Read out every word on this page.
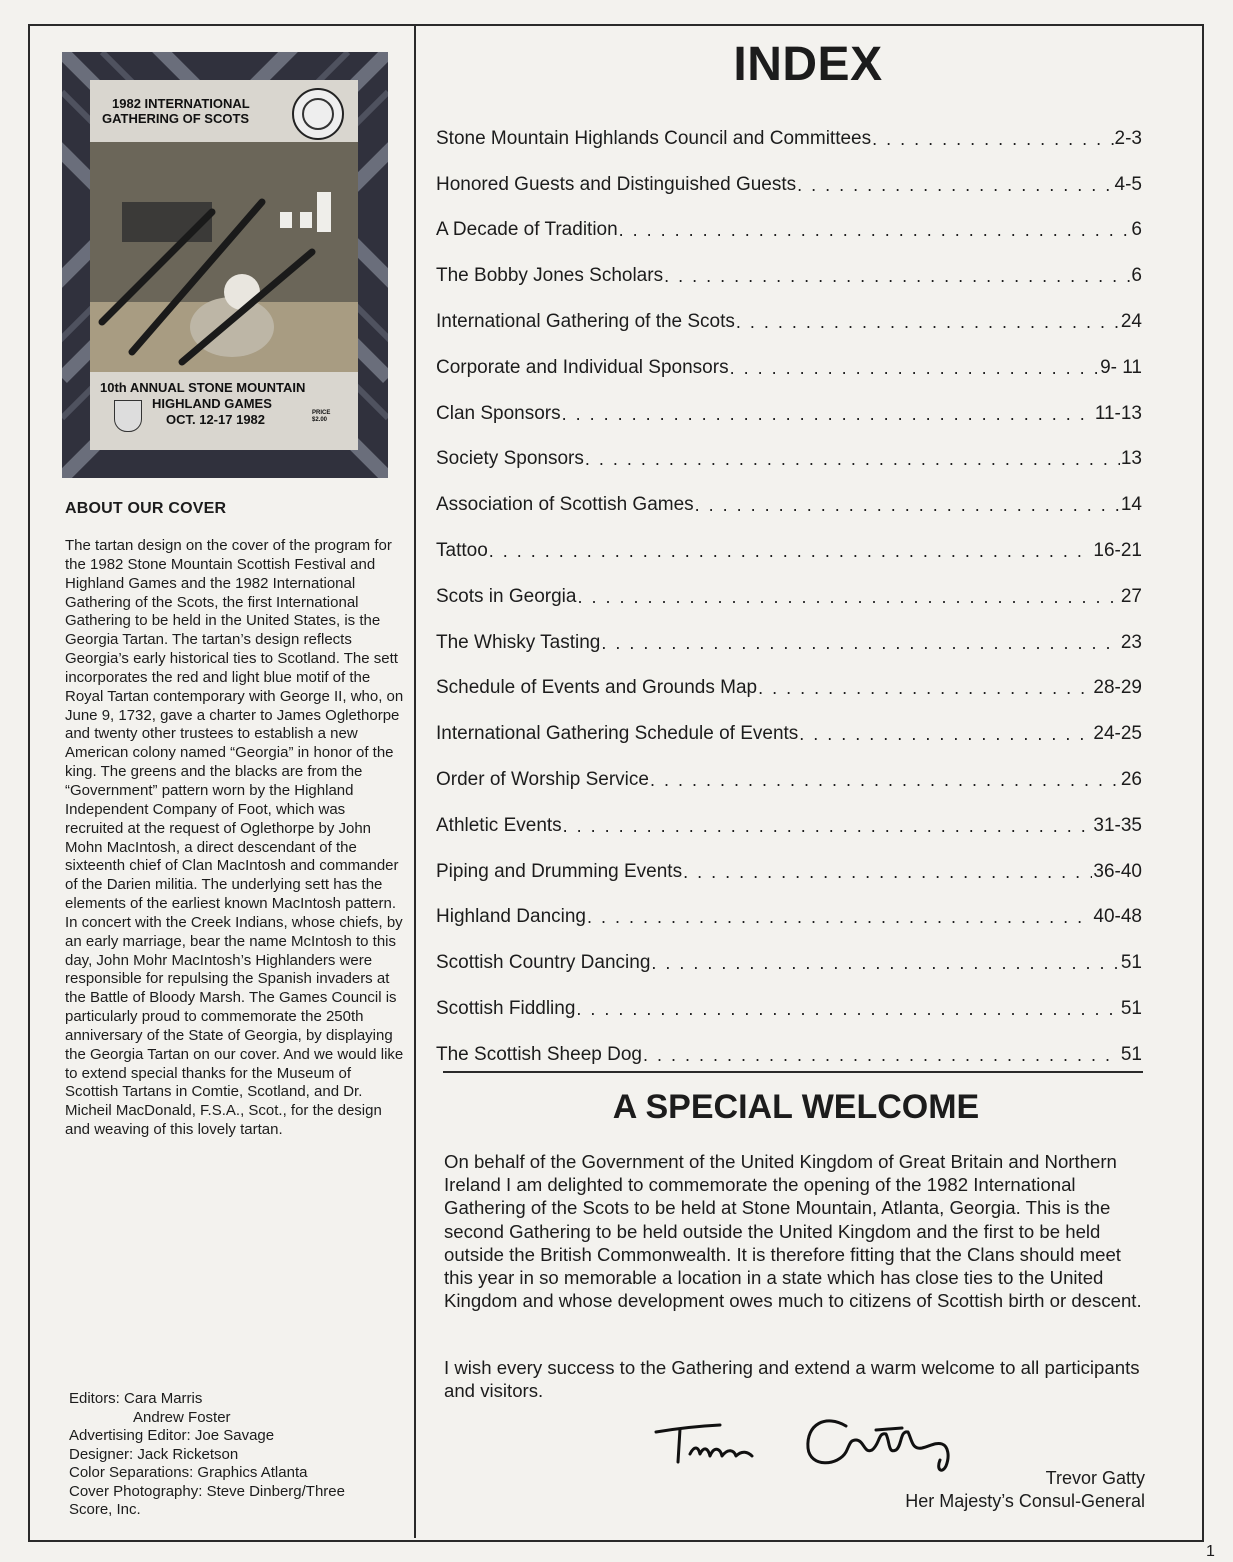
1982 INTERNATIONAL
GATHERING OF SCOTS
10th ANNUAL STONE MOUNTAIN
HIGHLAND GAMES
OCT. 12-17 1982	PRICE
$2.00
ABOUT OUR COVER

The tartan design on the cover of the program for the 1982 Stone Mountain Scottish Festival and Highland Games and the 1982 International Gathering of the Scots, the first International Gathering to be held in the United States, is the Georgia Tartan. The tartan’s design reflects Georgia’s early historical ties to Scotland. The sett incorporates the red and light blue motif of the Royal Tartan contemporary with George II, who, on June 9, 1732, gave a charter to James Oglethorpe and twenty other trustees to establish a new American colony named “Georgia” in honor of the king. The greens and the blacks are from the “Government” pattern worn by the Highland Independent Company of Foot, which was recruited at the request of Oglethorpe by John Mohn MacIntosh, a direct descendant of the sixteenth chief of Clan MacIntosh and commander of the Darien militia. The underlying sett has the elements of the earliest known MacIntosh pattern. In concert with the Creek Indians, whose chiefs, by an early marriage, bear the name McIntosh to this day, John Mohr MacIntosh’s Highlanders were responsible for repulsing the Spanish invaders at the Battle of Bloody Marsh. The Games Council is particularly proud to commemorate the 250th anniversary of the State of Georgia, by displaying the Georgia Tartan on our cover. And we would like to extend special thanks for the Museum of Scottish Tartans in Comtie, Scotland, and Dr. Micheil MacDonald, F.S.A., Scot., for the design and weaving of this lovely tartan.

Editors: Cara Marris
Andrew Foster
Advertising Editor: Joe Savage
Designer: Jack Ricketson
Color Separations: Graphics Atlanta
Cover Photography: Steve Dinberg/Three
Score, Inc.
INDEX
Stone Mountain Highlands Council and Committees . . .	2-3
Honored Guests and Distinguished Guests . . .	4-5
A Decade of Tradition . . .	6
The Bobby Jones Scholars . . .	6
International Gathering of the Scots . . .	24
Corporate and Individual Sponsors . . .	9- 11
Clan Sponsors . . .	11-13
Society Sponsors . . .	13
Association of Scottish Games . . .	14
Tattoo . . .	16-21
Scots in Georgia . . .	27
The Whisky Tasting . . .	23
Schedule of Events and Grounds Map . . .	28-29
International Gathering Schedule of Events . . .	24-25
Order of Worship Service . . .	26
Athletic Events . . .	31-35
Piping and Drumming Events . . .	36-40
Highland Dancing . . .	40-48
Scottish Country Dancing . . .	51
Scottish Fiddling . . .	51
The Scottish Sheep Dog . . .	51
A SPECIAL WELCOME

On behalf of the Government of the United Kingdom of Great Britain and Northern Ireland I am delighted to commemorate the opening of the 1982 International Gathering of the Scots to be held at Stone Mountain, Atlanta, Georgia. This is the second Gathering to be held outside the United Kingdom and the first to be held outside the British Commonwealth. It is therefore fitting that the Clans should meet this year in so memorable a location in a state which has close ties to the United Kingdom and whose development owes much to citizens of Scottish birth or descent.

I wish every success to the Gathering and extend a warm welcome to all participants and visitors.

Trevor Gatty
Her Majesty’s Consul-General
1
